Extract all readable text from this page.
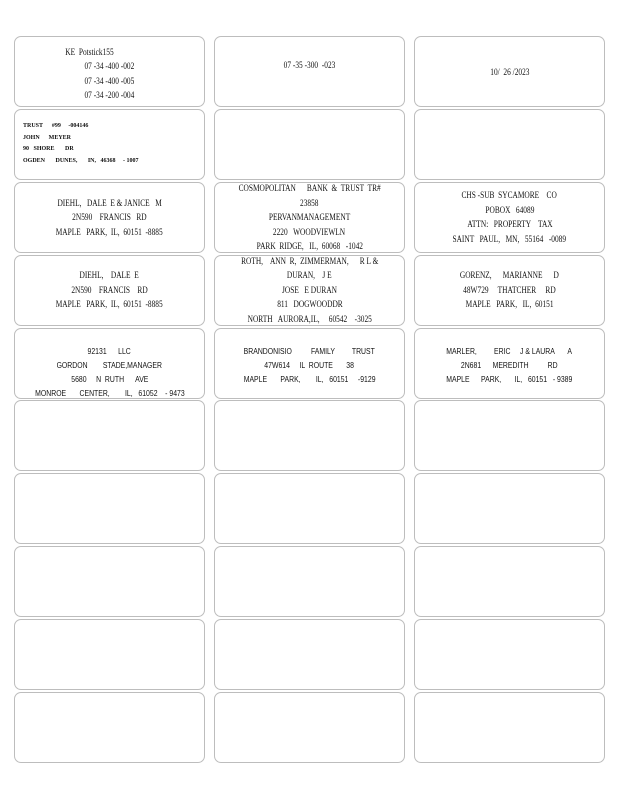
KE  Potstick155
07 -34 -400 -002
07 -34 -400 -005
07 -34 -200 -004
07 -35 -300  -023
10/  26 /2023
TRUST      #99     -004146
JOHN      MEYER
90   SHORE       DR
OGDEN       DUNES,       IN,   46368     - 1007
DIEHL,   DALE  E & JANICE   M
2N590    FRANCIS   RD
MAPLE   PARK,  IL,  60151  -8885
COSMOPOLITAN      BANK  &  TRUST  TR#
23858
PERVANMANAGEMENT
2220   WOODVIEWLN
PARK  RIDGE,   IL,  60068   -1042
CHS -SUB  SYCAMORE    CO
POBOX   64089
ATTN:   PROPERTY    TAX
SAINT   PAUL,   MN,   55164   -0089
DIEHL,    DALE  E
2N590    FRANCIS    RD
MAPLE   PARK,  IL,  60151  -8885
ROTH,    ANN  R,  ZIMMERMAN,      R L &
DURAN,    J E
JOSE   E DURAN
811   DOGWOODDR
NORTH   AURORA,IL,     60542    -3025
GORENZ,      MARIANNE      D
48W729     THATCHER     RD
MAPLE   PARK,   IL,  60151
92131      LLC
GORDON        STADE,MANAGER
5680     N  RUTH      AVE
MONROE       CENTER,        IL,   61052    - 9473
BRANDONISIO          FAMILY         TRUST
47W614     IL  ROUTE       38
MAPLE       PARK,        IL,   60151     -9129
MARLER,         ERIC     J & LAURA       A
2N681      MEREDITH          RD
MAPLE      PARK,       IL,   60151   - 9389
